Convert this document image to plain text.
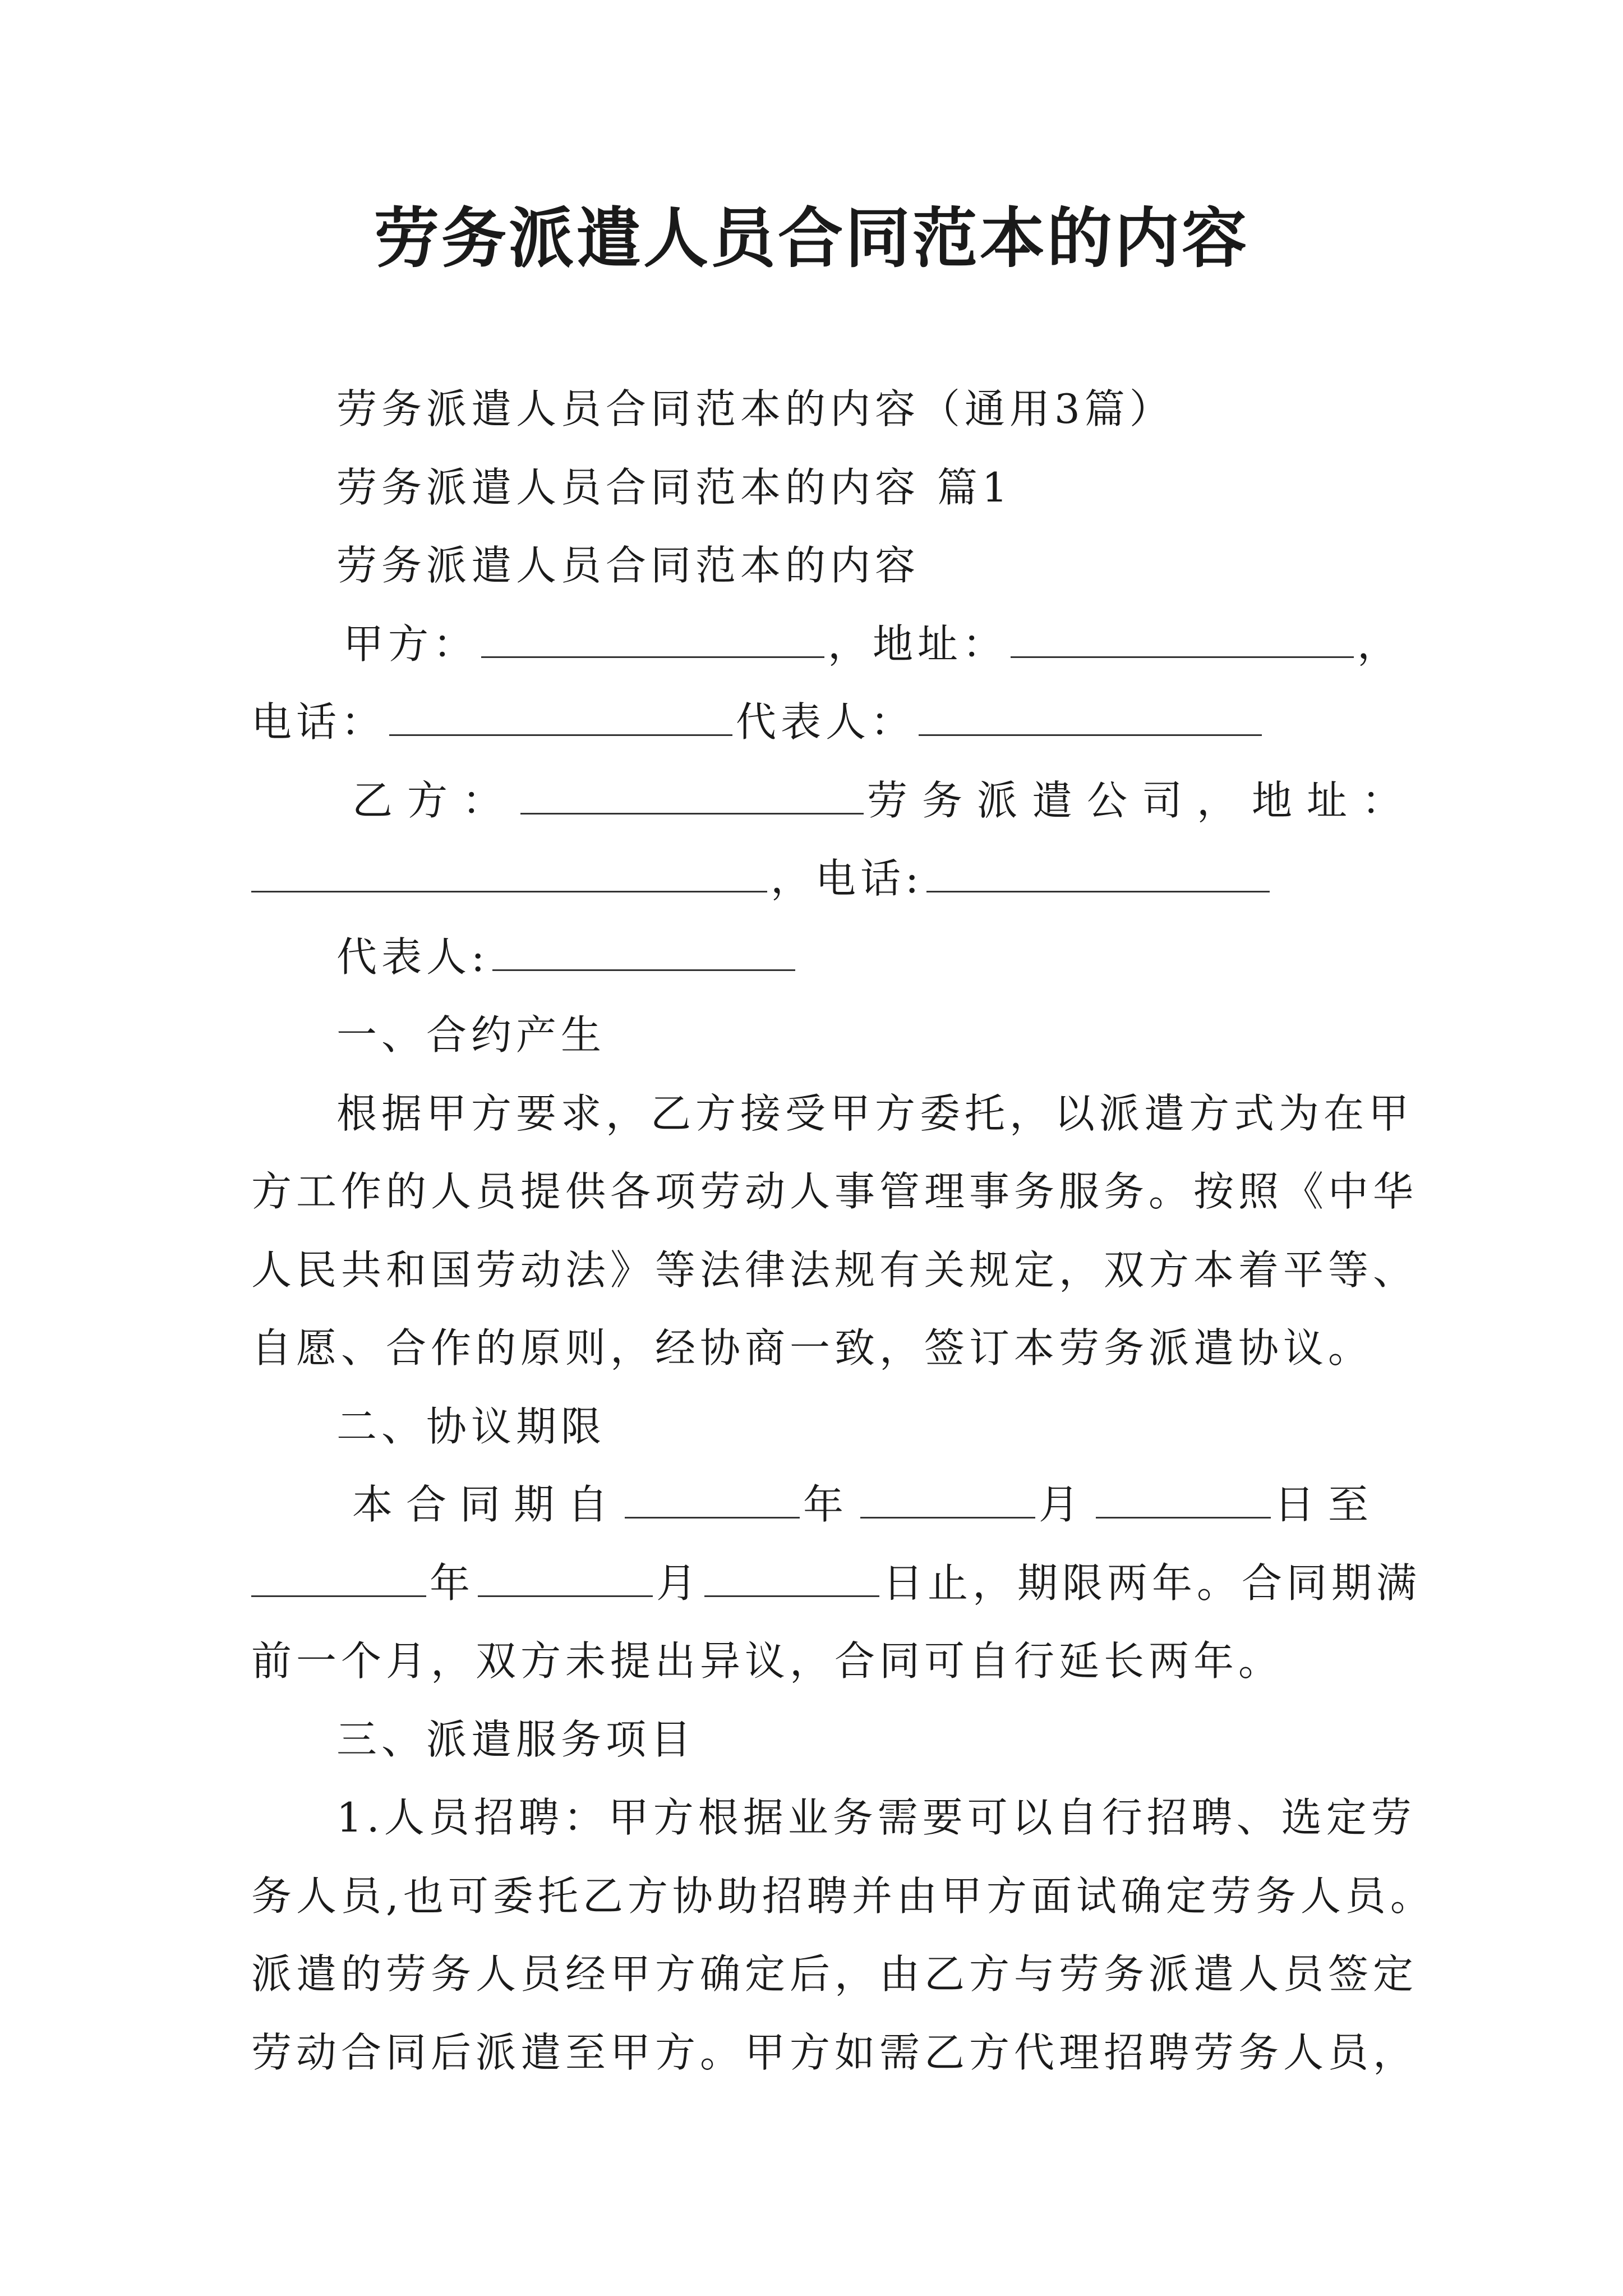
劳务派遣人员合同范本的内容
劳务派遣人员合同范本的内容（通用3篇）
劳务派遣人员合同范本的内容 篇1
劳务派遣人员合同范本的内容
甲方：	，地址：	，
电话：	代表人：
乙方：	劳务派遣公司，地址：
，电话:
代表人:
一、合约产生
根据甲方要求，乙方接受甲方委托，以派遣方式为在甲
方工作的人员提供各项劳动人事管理事务服务。按照《中华
人民共和国劳动法》等法律法规有关规定，双方本着平等、
自愿、合作的原则，经协商一致，签订本劳务派遣协议。
二、协议期限
本合同期自	年	月	日至
年	月	日止，期限两年。合同期满
前一个月，双方未提出异议，合同可自行延长两年。
三、派遣服务项目
1.人员招聘：甲方根据业务需要可以自行招聘、选定劳
务人员,也可委托乙方协助招聘并由甲方面试确定劳务人员。
派遣的劳务人员经甲方确定后，由乙方与劳务派遣人员签定
劳动合同后派遣至甲方。甲方如需乙方代理招聘劳务人员，
